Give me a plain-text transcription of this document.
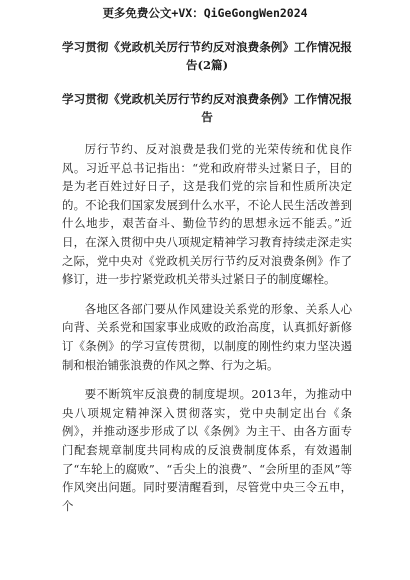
更多免费公文+VX：QiGeGongWen2024
学习贯彻《党政机关厉行节约反对浪费条例》工作情况报告(2篇)
学习贯彻《党政机关厉行节约反对浪费条例》工作情况报告

厉行节约、反对浪费是我们党的光荣传统和优良作风。习近平总书记指出：“党和政府带头过紧日子，目的是为老百姓过好日子，这是我们党的宗旨和性质所决定的。不论我们国家发展到什么水平，不论人民生活改善到什么地步，艰苦奋斗、勤俭节约的思想永远不能丢。”近日，在深入贯彻中央八项规定精神学习教育持续走深走实之际，党中央对《党政机关厉行节约反对浪费条例》作了修订，进一步拧紧党政机关带头过紧日子的制度螺栓。

各地区各部门要从作风建设关系党的形象、关系人心向背、关系党和国家事业成败的政治高度，认真抓好新修订《条例》的学习宣传贯彻，以制度的刚性约束力坚决遏制和根治铺张浪费的作风之弊、行为之垢。

要不断筑牢反浪费的制度堤坝。2013年，为推动中央八项规定精神深入贯彻落实，党中央制定出台《条例》，并推动逐步形成了以《条例》为主干、由各方面专门配套规章制度共同构成的反浪费制度体系，有效遏制了“车轮上的腐败”、“舌尖上的浪费”、“会所里的歪风”等作风突出问题。同时要清醒看到，尽管党中央三令五申，个
